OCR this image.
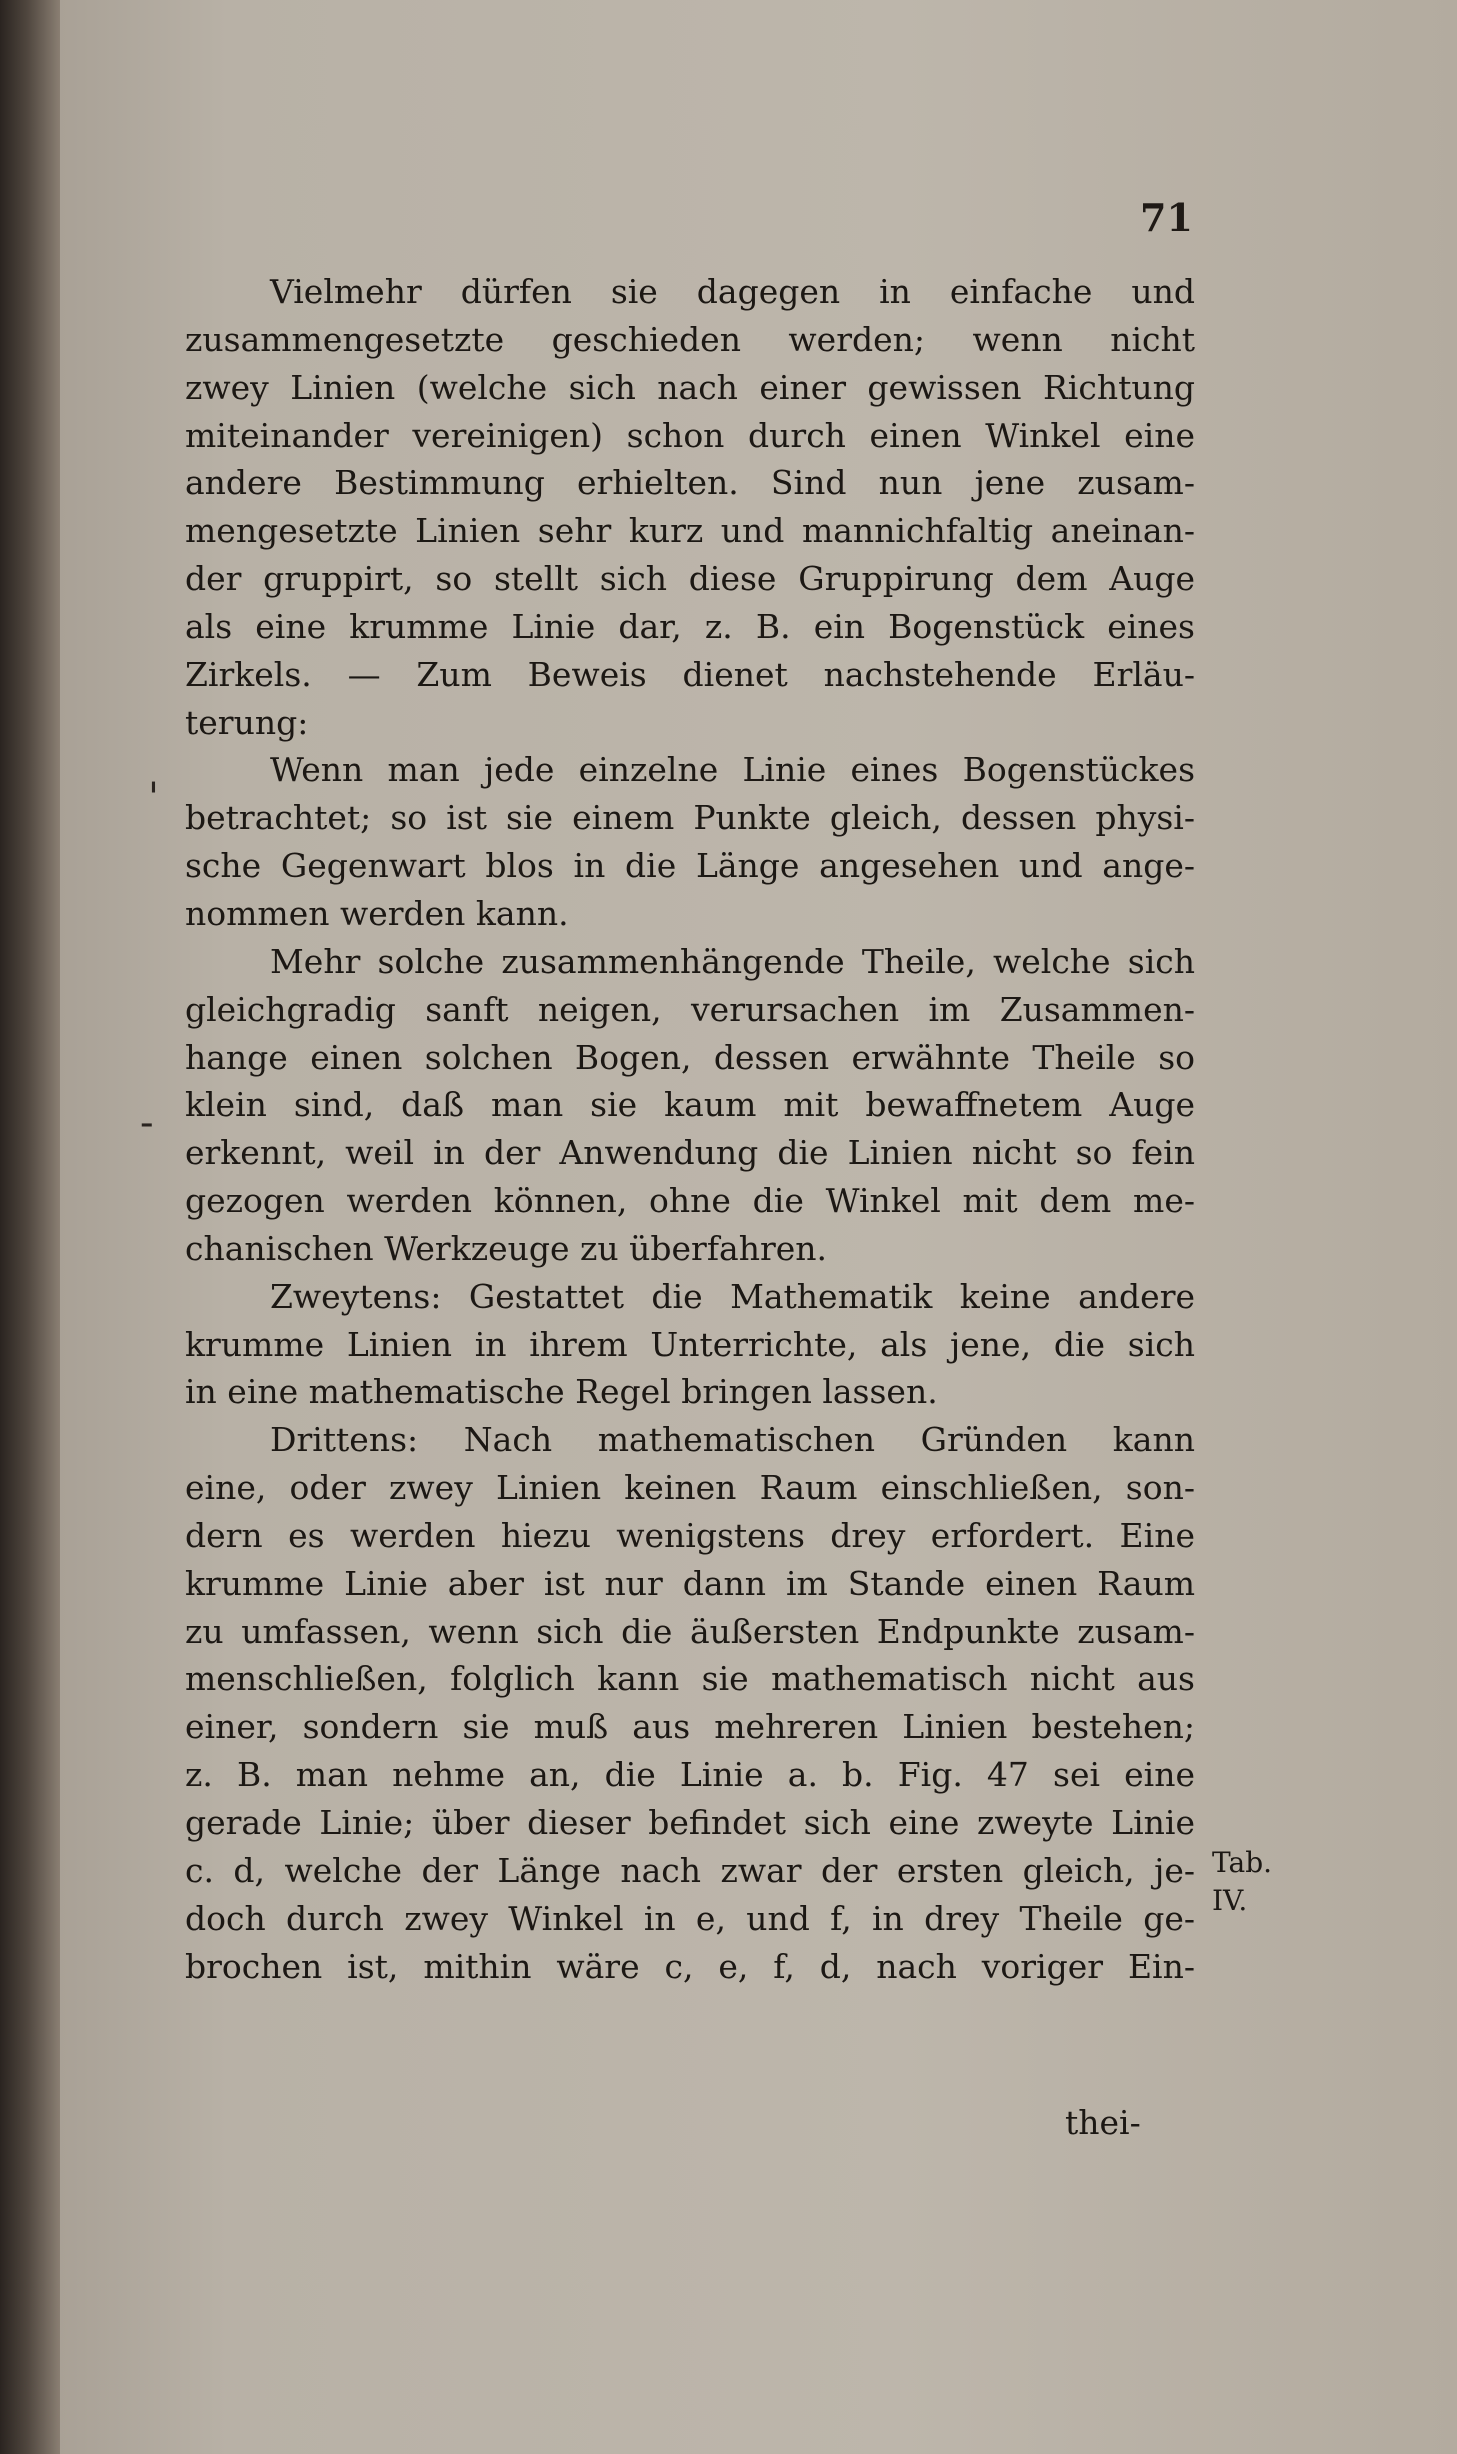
71
Vielmehr dürfen sie dagegen in einfache und
zusammengesetzte geschieden werden; wenn nicht
zwey Linien (welche sich nach einer gewissen Richtung
miteinander vereinigen) schon durch einen Winkel eine
andere Bestimmung erhielten. Sind nun jene zusam-
mengesetzte Linien sehr kurz und mannichfaltig aneinan-
der gruppirt, so stellt sich diese Gruppirung dem Auge
als eine krumme Linie dar, z. B. ein Bogenstück eines
Zirkels. — Zum Beweis dienet nachstehende Erläu-
terung:
Wenn man jede einzelne Linie eines Bogenstückes
betrachtet; so ist sie einem Punkte gleich, dessen physi-
sche Gegenwart blos in die Länge angesehen und ange-
nommen werden kann.
Mehr solche zusammenhängende Theile, welche sich
gleichgradig sanft neigen, verursachen im Zusammen-
hange einen solchen Bogen, dessen erwähnte Theile so
klein sind, daß man sie kaum mit bewaffnetem Auge
erkennt, weil in der Anwendung die Linien nicht so fein
gezogen werden können, ohne die Winkel mit dem me-
chanischen Werkzeuge zu überfahren.
Zweytens: Gestattet die Mathematik keine andere
krumme Linien in ihrem Unterrichte, als jene, die sich
in eine mathematische Regel bringen lassen.
Drittens: Nach mathematischen Gründen kann
eine, oder zwey Linien keinen Raum einschließen, son-
dern es werden hiezu wenigstens drey erfordert. Eine
krumme Linie aber ist nur dann im Stande einen Raum
zu umfassen, wenn sich die äußersten Endpunkte zusam-
menschließen, folglich kann sie mathematisch nicht aus
einer, sondern sie muß aus mehreren Linien bestehen;
z. B. man nehme an, die Linie a. b. Fig. 47 sei eine
gerade Linie; über dieser befindet sich eine zweyte Linie
c. d, welche der Länge nach zwar der ersten gleich, je-
doch durch zwey Winkel in e, und f, in drey Theile ge-
brochen ist, mithin wäre c, e, f, d, nach voriger Ein-
Tab.
IV.
thei-
'
-
